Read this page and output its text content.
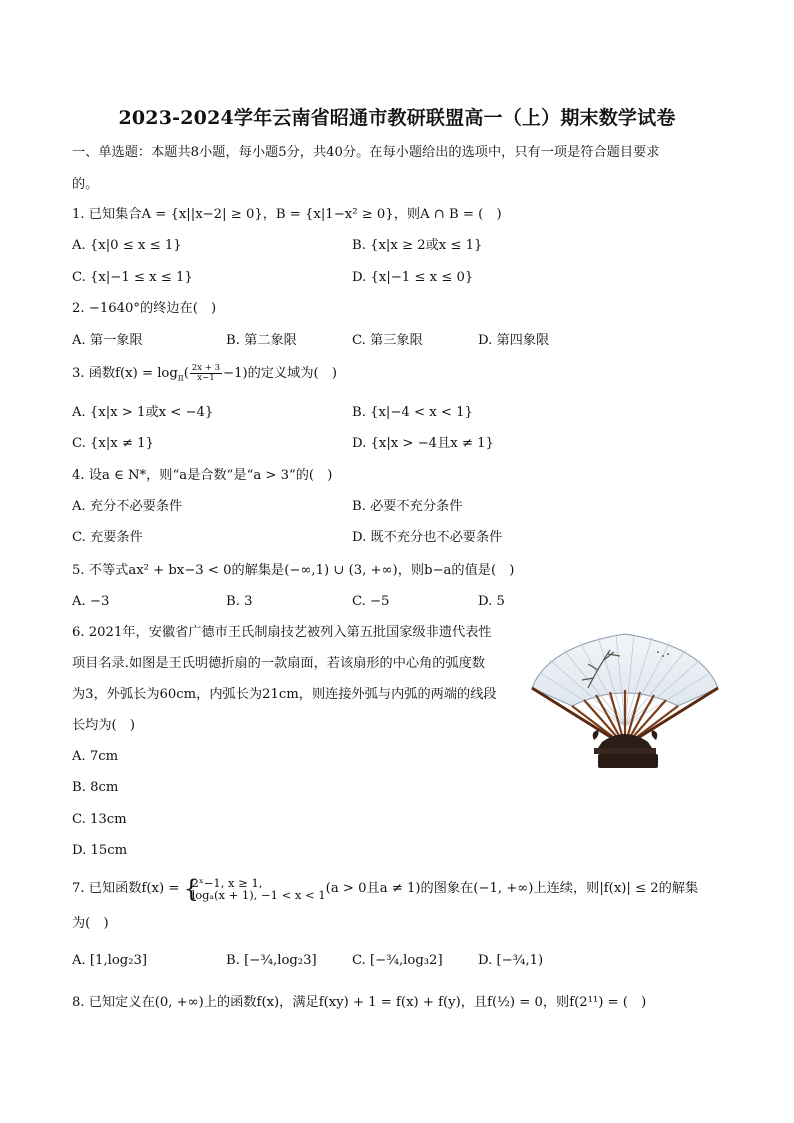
2023-2024学年云南省昭通市教研联盟高一（上）期末数学试卷
一、单选题：本题共8小题，每小题5分，共40分。在每小题给出的选项中，只有一项是符合题目要求
的。
1. 已知集合A = {x||x−2| ≥ 0}，B = {x|1−x² ≥ 0}，则A ∩ B = (　)
A. {x|0 ≤ x ≤ 1}	B. {x|x ≥ 2或x ≤ 1}
C. {x|−1 ≤ x ≤ 1}	D. {x|−1 ≤ x ≤ 0}
2. −1640°的终边在(　)
A. 第一象限	B. 第二象限	C. 第三象限	D. 第四象限
3. 函数$f(x) = \log_\pi( \frac{2x + 3}{x-1} -1)$的定义域为(　)
A. {x|x > 1或x < −4}	B. {x|−4 < x < 1}
C. {x|x ≠ 1}	D. {x|x > −4且x ≠ 1}
4. 设a ∈ N*，则“a是合数”是“a > 3”的(　)
A. 充分不必要条件	B. 必要不充分条件
C. 充要条件	D. 既不充分也不必要条件
5. 不等式ax² + bx−3 < 0的解集是(−∞,1) ∪ (3, +∞)，则b−a的值是(　)
A. −3	B. 3	C. −5	D. 5
6. 2021年，安徽省广德市王氏制扇技艺被列入第五批国家级非遗代表性
项目名录.如图是王氏明德折扇的一款扇面，若该扇形的中心角的弧度数
为3，外弧长为60cm，内弧长为21cm，则连接外弧与内弧的两端的线段
长均为(　)
A. 7cm
B. 8cm
C. 13cm
D. 15cm
7. 已知函数f(x) = {
2ˣ−1, x ≥ 1,
logₐ(x + 1), −1 < x < 1 (a > 0且a ≠ 1)的图象在(−1, +∞)上连续，则|f(x)| ≤ 2的解集
为(　)
A. [1,log₂3]	B. [−¾,log₂3]	C. [−¾,log₃2]	D. [−¾,1)
8. 已知定义在(0, +∞)上的函数f(x)，满足f(xy) + 1 = f(x) + f(y)，且f(½) = 0，则f(2¹¹) = (　)
